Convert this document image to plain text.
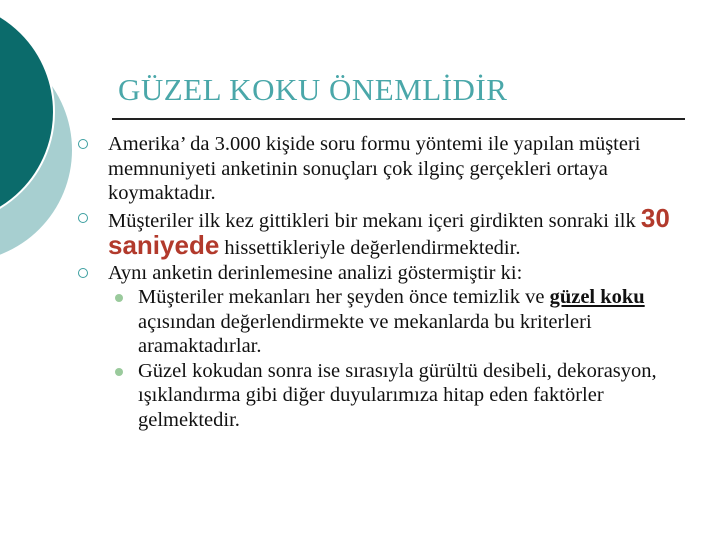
GÜZEL KOKU ÖNEMLİDİR
Amerika’ da 3.000 kişide soru formu yöntemi ile yapılan müşteri memnuniyeti anketinin sonuçları çok ilginç gerçekleri ortaya koymaktadır.
Müşteriler ilk kez gittikleri bir mekanı içeri girdikten sonraki ilk 30 saniyede hissettikleriyle değerlendirmektedir.
Aynı anketin derinlemesine analizi göstermiştir ki:
Müşteriler mekanları her şeyden önce temizlik ve güzel koku açısından değerlendirmekte ve mekanlarda bu kriterleri aramaktadırlar.
Güzel kokudan sonra ise sırasıyla gürültü desibeli, dekorasyon, ışıklandırma gibi diğer duyularımıza hitap eden faktörler gelmektedir.
